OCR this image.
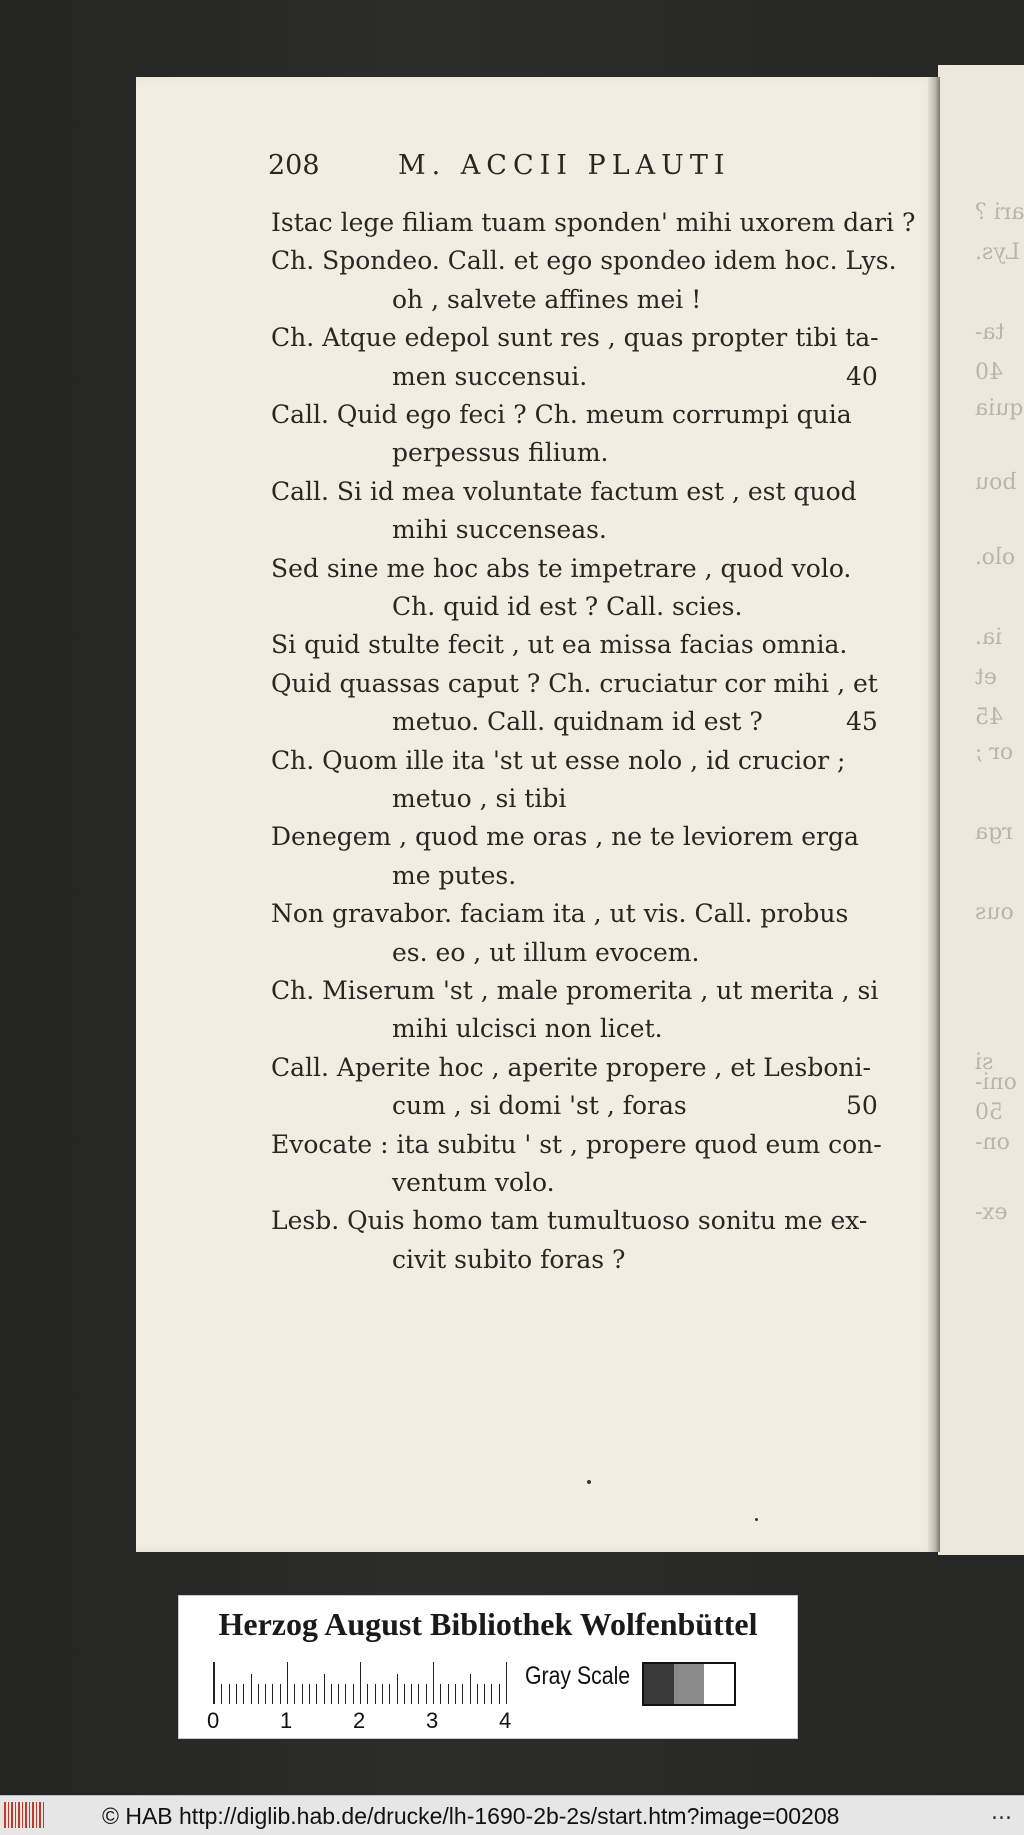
ari ?
Lys.
ta-
40
quia
bou
olo.
ia.
et
45
or ;
rga
ous
si
oni-
50
on-
ex-
208	M. ACCII PLAUTI
Istac lege filiam tuam sponden' mihi uxorem dari ?
Ch. Spondeo. Call. et ego spondeo idem hoc. Lys.
oh , salvete affines mei !
Ch. Atque edepol sunt res , quas propter tibi ta-
men succensui.	40
Call. Quid ego feci ? Ch. meum corrumpi quia
perpessus filium.
Call. Si id mea voluntate factum est , est quod
mihi succenseas.
Sed sine me hoc abs te impetrare , quod volo.
Ch. quid id est ? Call. scies.
Si quid stulte fecit , ut ea missa facias omnia.
Quid quassas caput ? Ch. cruciatur cor mihi , et
metuo. Call. quidnam id est ?	45
Ch. Quom ille ita 'st ut esse nolo , id crucior ;
metuo , si tibi
Denegem , quod me oras , ne te leviorem erga
me putes.
Non gravabor. faciam ita , ut vis. Call. probus
es. eo , ut illum evocem.
Ch. Miserum 'st , male promerita , ut merita , si
mihi ulcisci non licet.
Call. Aperite hoc , aperite propere , et Lesboni-
cum , si domi 'st , foras	50
Evocate : ita subitu ' st , propere quod eum con-
ventum volo.
Lesb. Quis homo tam tumultuoso sonitu me ex-
civit subito foras ?
Herzog August Bibliothek Wolfenbüttel
0	1	2	3	4
Gray Scale
© HAB http://diglib.hab.de/drucke/lh-1690-2b-2s/start.htm?image=00208	...
